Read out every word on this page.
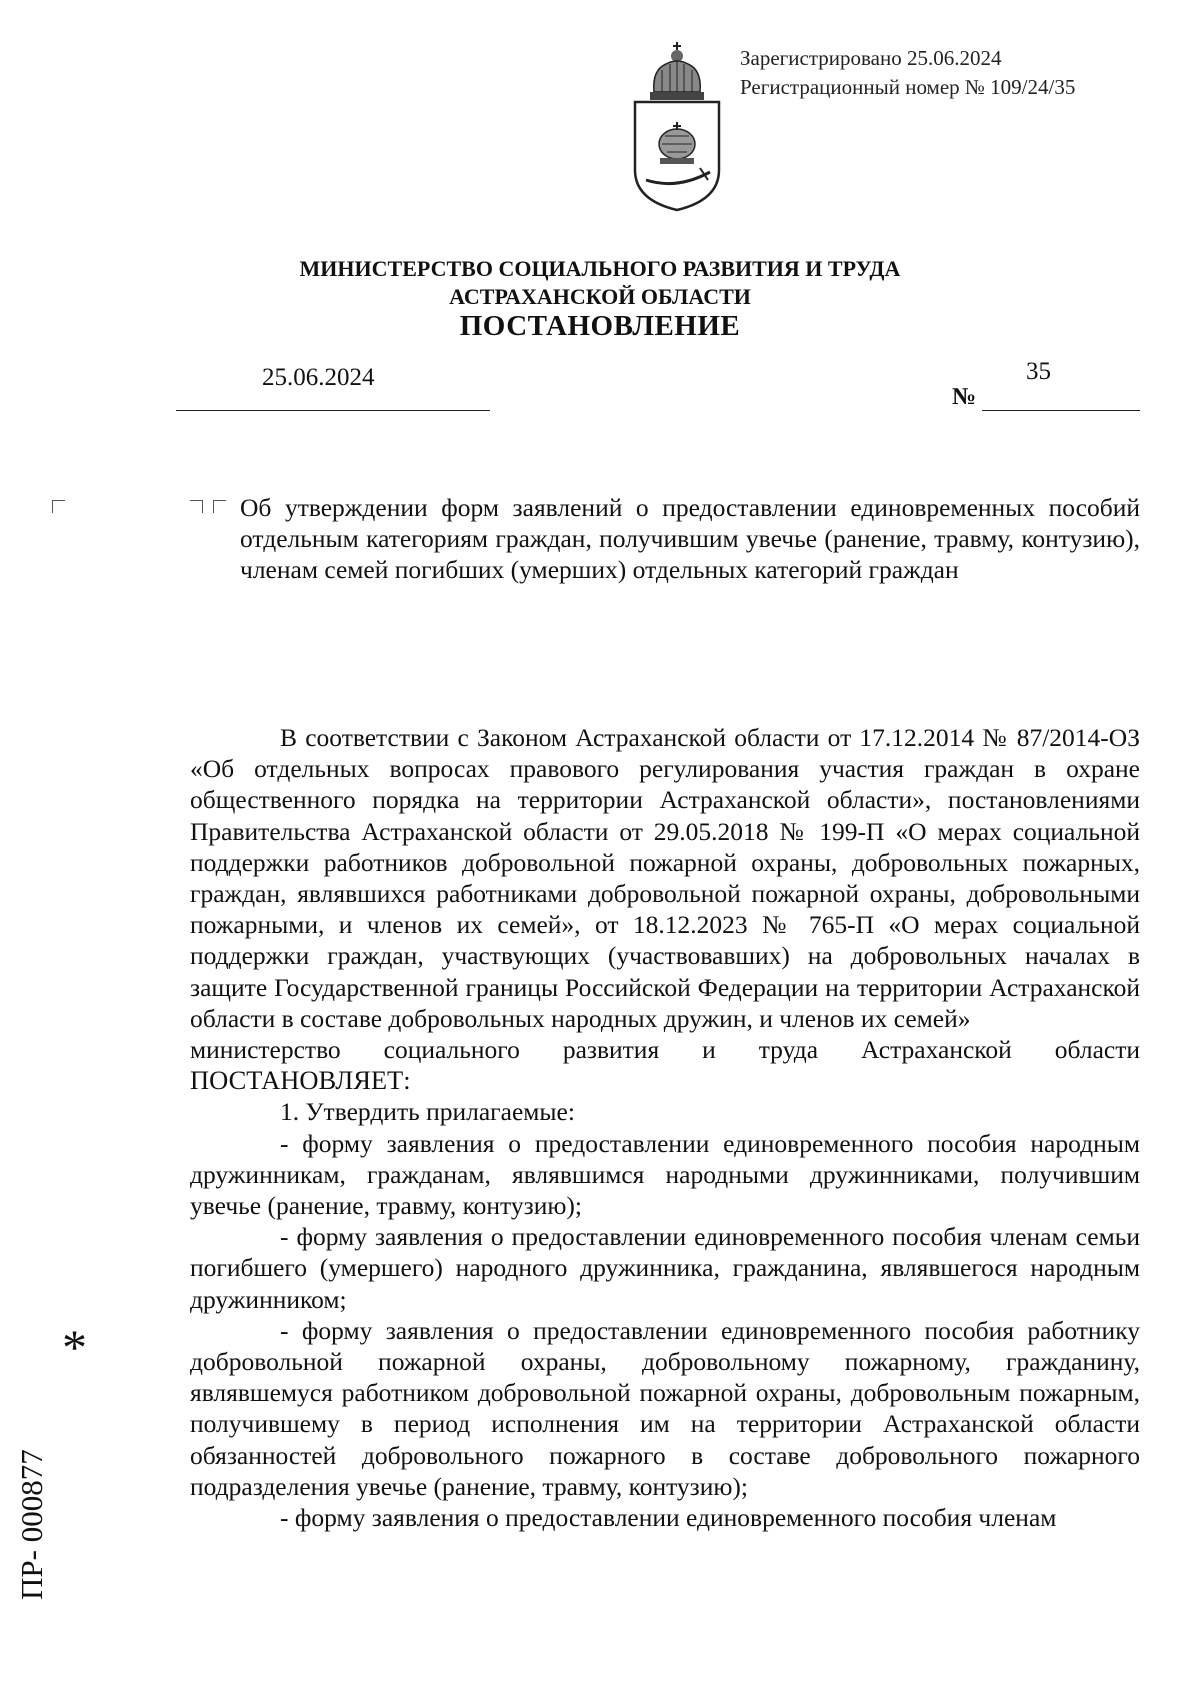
Зарегистрировано 25.06.2024
Регистрационный номер № 109/24/35
МИНИСТЕРСТВО СОЦИАЛЬНОГО РАЗВИТИЯ И ТРУДА
АСТРАХАНСКОЙ ОБЛАСТИ
ПОСТАНОВЛЕНИЕ
25.06.2024
№
35
Об утверждении форм заявлений о предоставлении единовременных пособий отдельным категориям граждан, получившим увечье (ранение, травму, контузию), членам семей погибших (умерших) отдельных категорий граждан

В соответствии с Законом Астраханской области от 17.12.2014 № 87/2014-ОЗ «Об отдельных вопросах правового регулирования участия граждан в охране общественного порядка на территории Астраханской области», постановлениями Правительства Астраханской области от 29.05.2018 № 199-П «О мерах социальной поддержки работников добровольной пожарной охраны, добровольных пожарных, граждан, являвшихся работниками добровольной пожарной охраны, добровольными пожарными, и членов их семей», от 18.12.2023 № 765-П «О мерах социальной поддержки граждан, участвующих (участвовавших) на добровольных началах в защите Государственной границы Российской Федерации на территории Астраханской области в составе добровольных народных дружин, и членов их семей»

министерство социального развития и труда Астраханской области

ПОСТАНОВЛЯЕТ:

1. Утвердить прилагаемые:

- форму заявления о предоставлении единовременного пособия народным дружинникам, гражданам, являвшимся народными дружинниками, получившим увечье (ранение, травму, контузию);

- форму заявления о предоставлении единовременного пособия членам семьи погибшего (умершего) народного дружинника, гражданина, являвшегося народным дружинником;

- форму заявления о предоставлении единовременного пособия работнику добровольной пожарной охраны, добровольному пожарному, гражданину, являвшемуся работником добровольной пожарной охраны, добровольным пожарным, получившему в период исполнения им на территории Астраханской области обязанностей добровольного пожарного в составе добровольного пожарного подразделения увечье (ранение, травму, контузию);

- форму заявления о предоставлении единовременного пособия членам

*
ПР- 000877
